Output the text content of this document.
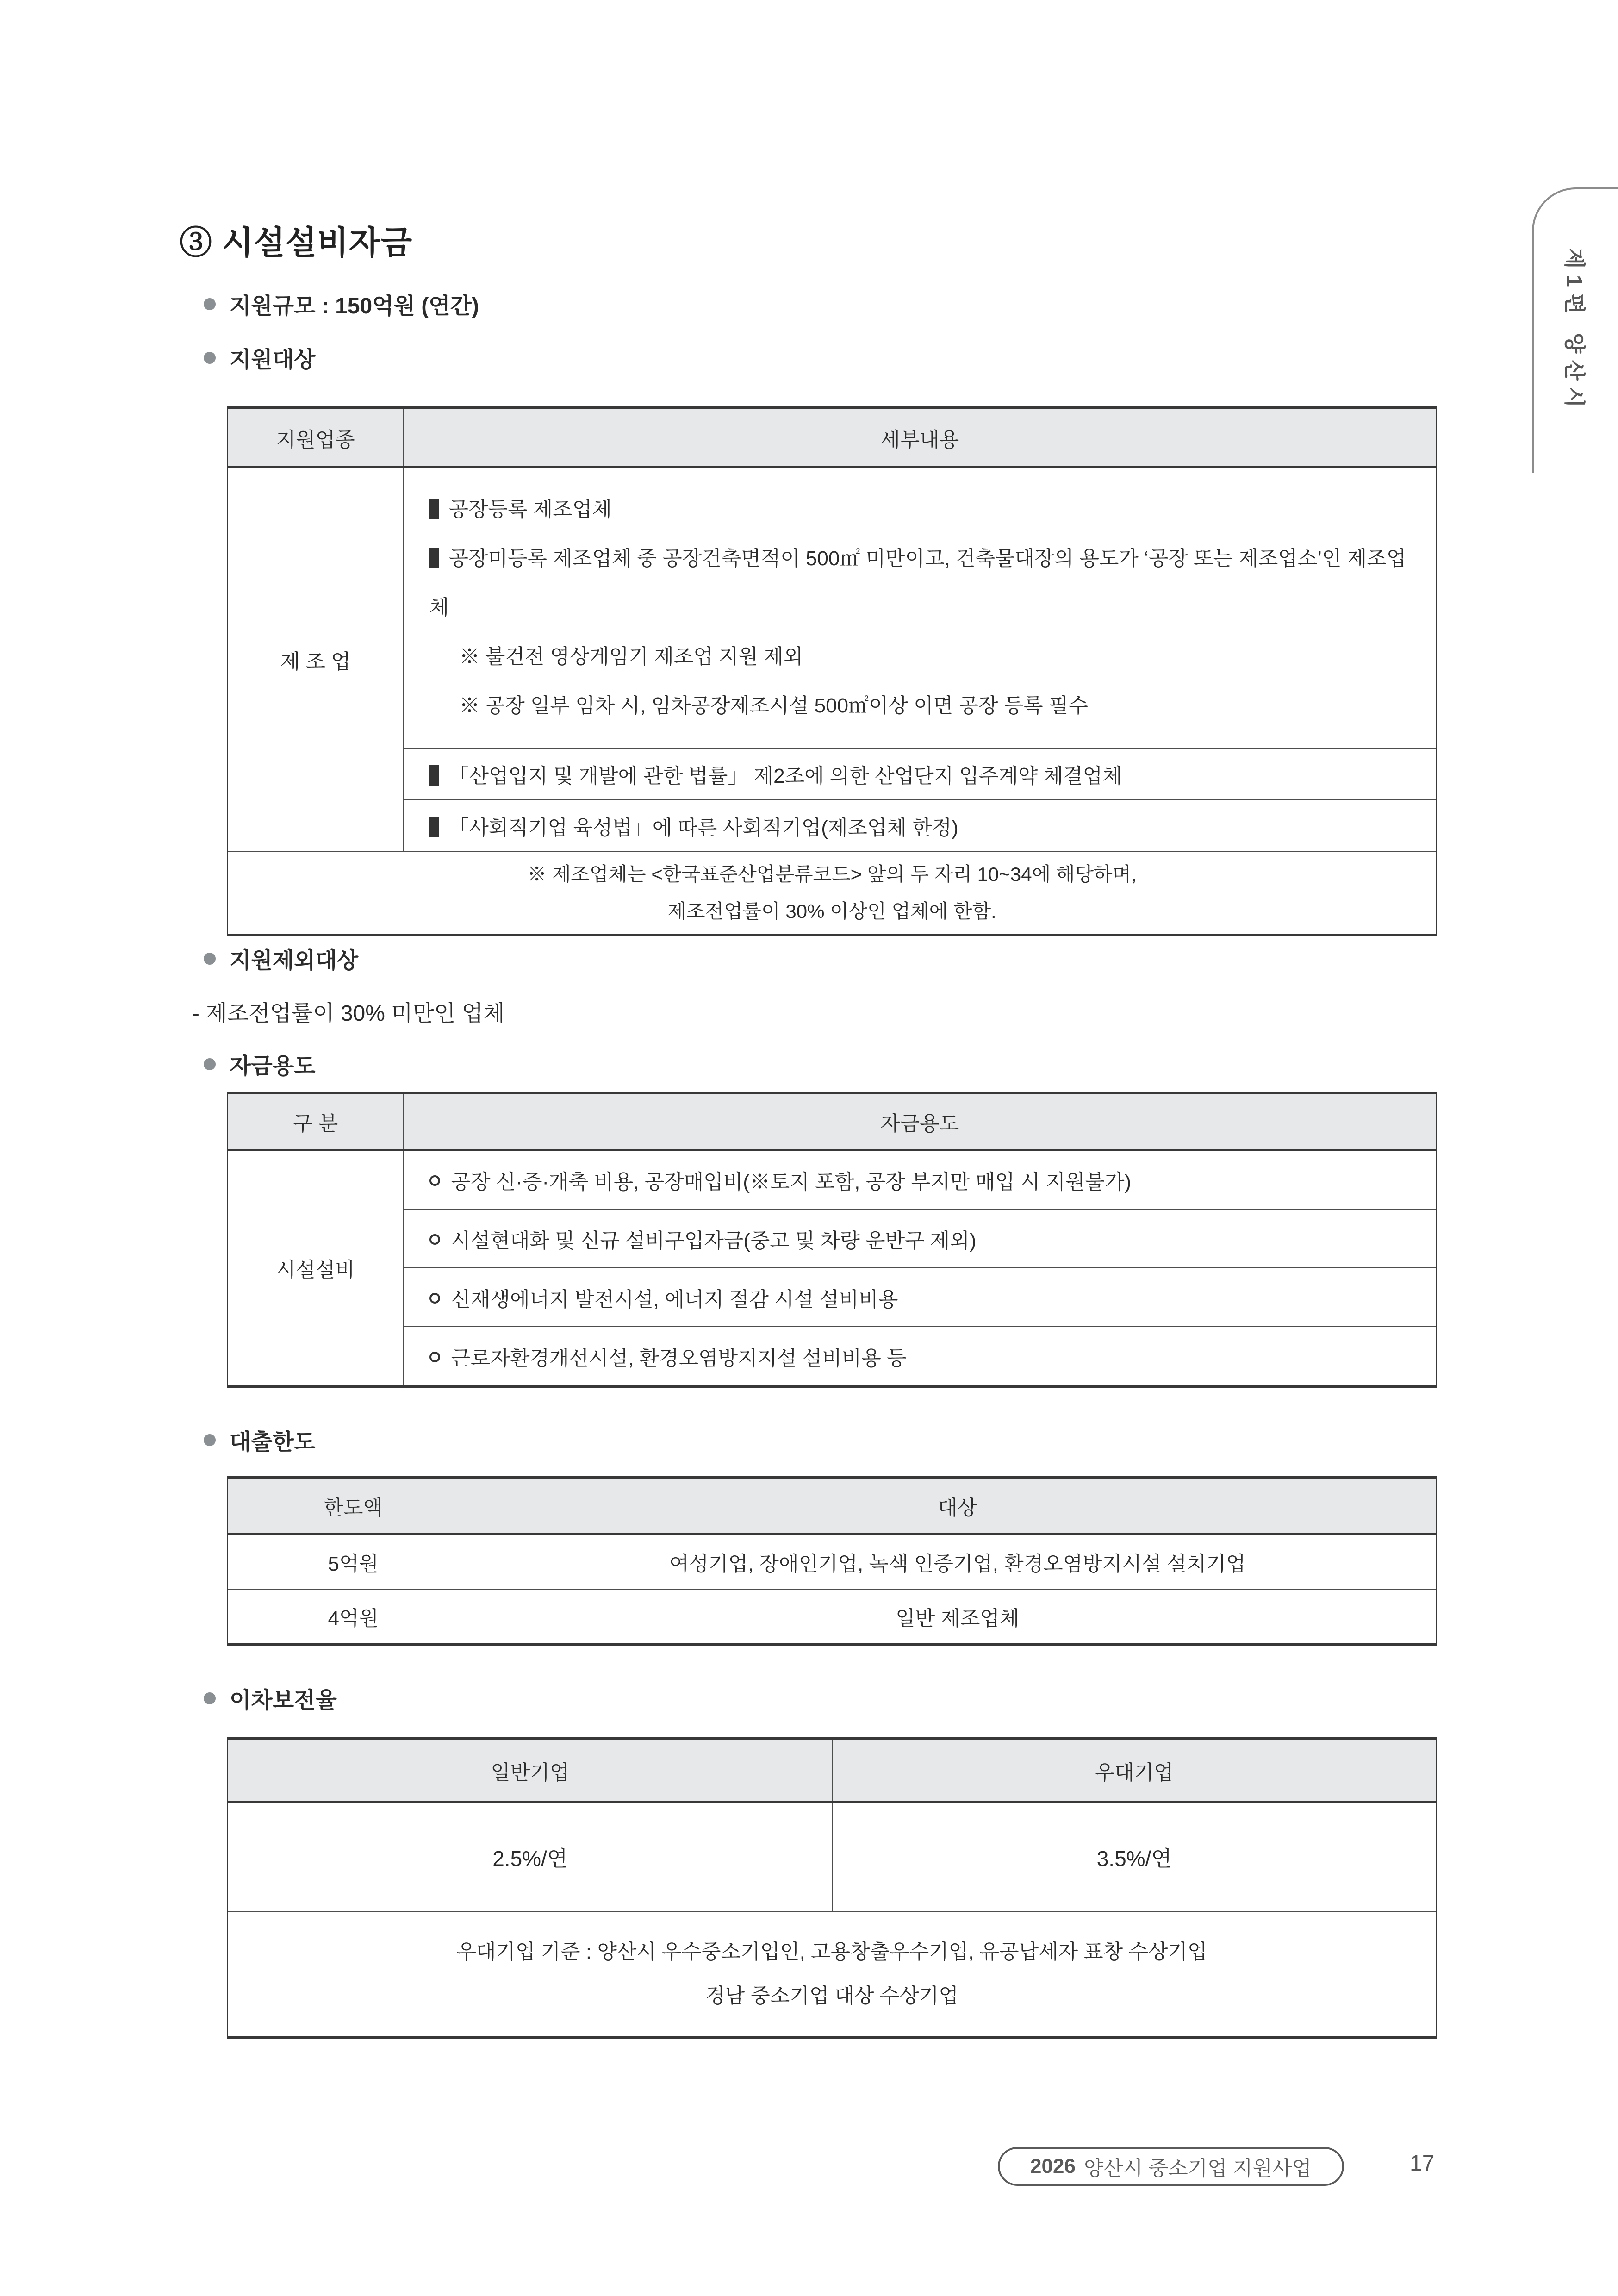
제1편 양산시
③ 시설설비자금
지원규모 : 150억원 (연간)
지원대상
지원업종	세부내용
제 조 업	공장등록 제조업체
공장미등록 제조업체 중 공장건축면적이 500㎡ 미만이고, 건축물대장의 용도가 ‘공장 또는 제조업소’인 제조업체
※ 불건전 영상게임기 제조업 지원 제외
※ 공장 일부 임차 시, 임차공장제조시설 500㎡이상 이면 공장 등록 필수

	「산업입지 및 개발에 관한 법률」 제2조에 의한 산업단지 입주계약 체결업체
	「사회적기업 육성법」에 따른 사회적기업(제조업체 한정)

※ 제조업체는 <한국표준산업분류코드> 앞의 두 자리 10~34에 해당하며,
제조전업률이 30% 이상인 업체에 한함.	
지원제외대상
- 제조전업률이 30% 미만인 업체
자금용도
구 분	자금용도
시설설비	공장 신·증·개축 비용, 공장매입비(※토지 포함, 공장 부지만 매입 시 지원불가)
	시설현대화 및 신규 설비구입자금(중고 및 차량 운반구 제외)
	신재생에너지 발전시설, 에너지 절감 시설 설비비용
	근로자환경개선시설, 환경오염방지지설 설비비용 등
대출한도
한도액	대상
5억원	여성기업, 장애인기업, 녹색 인증기업, 환경오염방지시설 설치기업
4억원	일반 제조업체
이차보전율
일반기업	우대기업
2.5%/연	3.5%/연

우대기업 기준 : 양산시 우수중소기업인, 고용창출우수기업, 유공납세자 표창 수상기업
경남 중소기업 대상 수상기업	
2026 양산시 중소기업 지원사업	17
